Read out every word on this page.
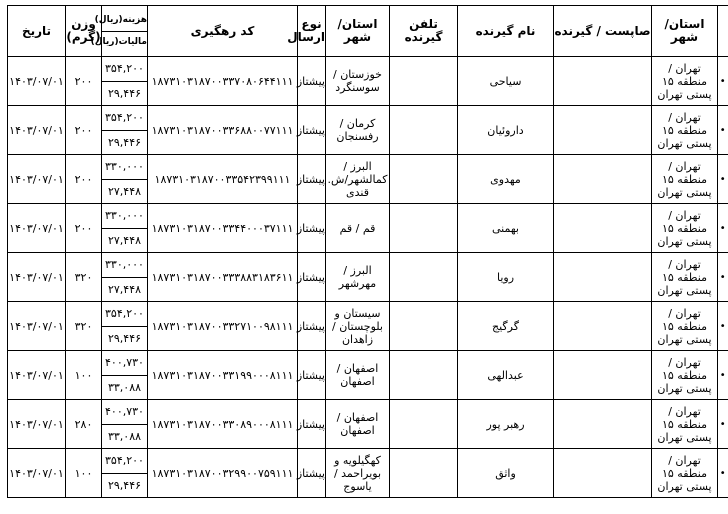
	استان/ شهر	صاپست / گیرنده	نام گیرنده	تلفن گیرنده	استان/ شهر	نوع ارسال	کد رهگیری	هزینه(ریال)
مالیات(ریال)	وزن (گرم)	تاریخ
•	تهران / منطقه ۱۵ پستی تهران		سیاحی		خوزستان / سوسنگرد	پیشتاز	۱۸۷۳۱۰۳۱۸۷۰۰۳۳۷۰۸۰۶۴۴۱۱۱	۳۵۴,۲۰۰
۲۹,۴۴۶	۲۰۰	۱۴۰۳/۰۷/۰۱
•	تهران / منطقه ۱۵ پستی تهران		داروئیان		کرمان / رفسنجان	پیشتاز	۱۸۷۳۱۰۳۱۸۷۰۰۳۳۶۸۸۰۰۷۷۱۱۱	۳۵۴,۲۰۰
۲۹,۴۴۶	۲۰۰	۱۴۰۳/۰۷/۰۱
•	تهران / منطقه ۱۵ پستی تهران		مهدوی		البرز / کمالشهر/ش. قندی	پیشتاز	۱۸۷۳۱۰۳۱۸۷۰۰۳۳۵۴۲۳۹۹۱۱۱	۳۳۰,۰۰۰
۲۷,۴۴۸	۲۰۰	۱۴۰۳/۰۷/۰۱
•	تهران / منطقه ۱۵ پستی تهران		بهمنی		قم / قم	پیشتاز	۱۸۷۳۱۰۳۱۸۷۰۰۳۳۴۴۰۰۰۳۷۱۱۱	۳۳۰,۰۰۰
۲۷,۴۴۸	۲۰۰	۱۴۰۳/۰۷/۰۱
•	تهران / منطقه ۱۵ پستی تهران		رویا		البرز / مهرشهر	پیشتاز	۱۸۷۳۱۰۳۱۸۷۰۰۳۳۳۸۸۳۱۸۳۶۱۱	۳۳۰,۰۰۰
۲۷,۴۴۸	۳۲۰	۱۴۰۳/۰۷/۰۱
•	تهران / منطقه ۱۵ پستی تهران		گرگیج		سیستان و بلوچستان / زاهدان	پیشتاز	۱۸۷۳۱۰۳۱۸۷۰۰۳۳۲۷۱۰۰۹۸۱۱۱	۳۵۴,۲۰۰
۲۹,۴۴۶	۳۲۰	۱۴۰۳/۰۷/۰۱
•	تهران / منطقه ۱۵ پستی تهران		عبدالهی		اصفهان / اصفهان	پیشتاز	۱۸۷۳۱۰۳۱۸۷۰۰۳۳۱۹۹۰۰۰۸۱۱۱	۴۰۰,۷۳۰
۳۳,۰۸۸	۱۰۰	۱۴۰۳/۰۷/۰۱
•	تهران / منطقه ۱۵ پستی تهران		رهبر پور		اصفهان / اصفهان	پیشتاز	۱۸۷۳۱۰۳۱۸۷۰۰۳۳۰۸۹۰۰۰۸۱۱۱	۴۰۰,۷۳۰
۳۳,۰۸۸	۲۸۰	۱۴۰۳/۰۷/۰۱
•	تهران / منطقه ۱۵ پستی تهران		واثق		کهگیلویه و بویراحمد / یاسوج	پیشتاز	۱۸۷۳۱۰۳۱۸۷۰۰۳۲۹۹۰۰۷۵۹۱۱۱	۳۵۴,۲۰۰
۲۹,۴۴۶	۱۰۰	۱۴۰۳/۰۷/۰۱
